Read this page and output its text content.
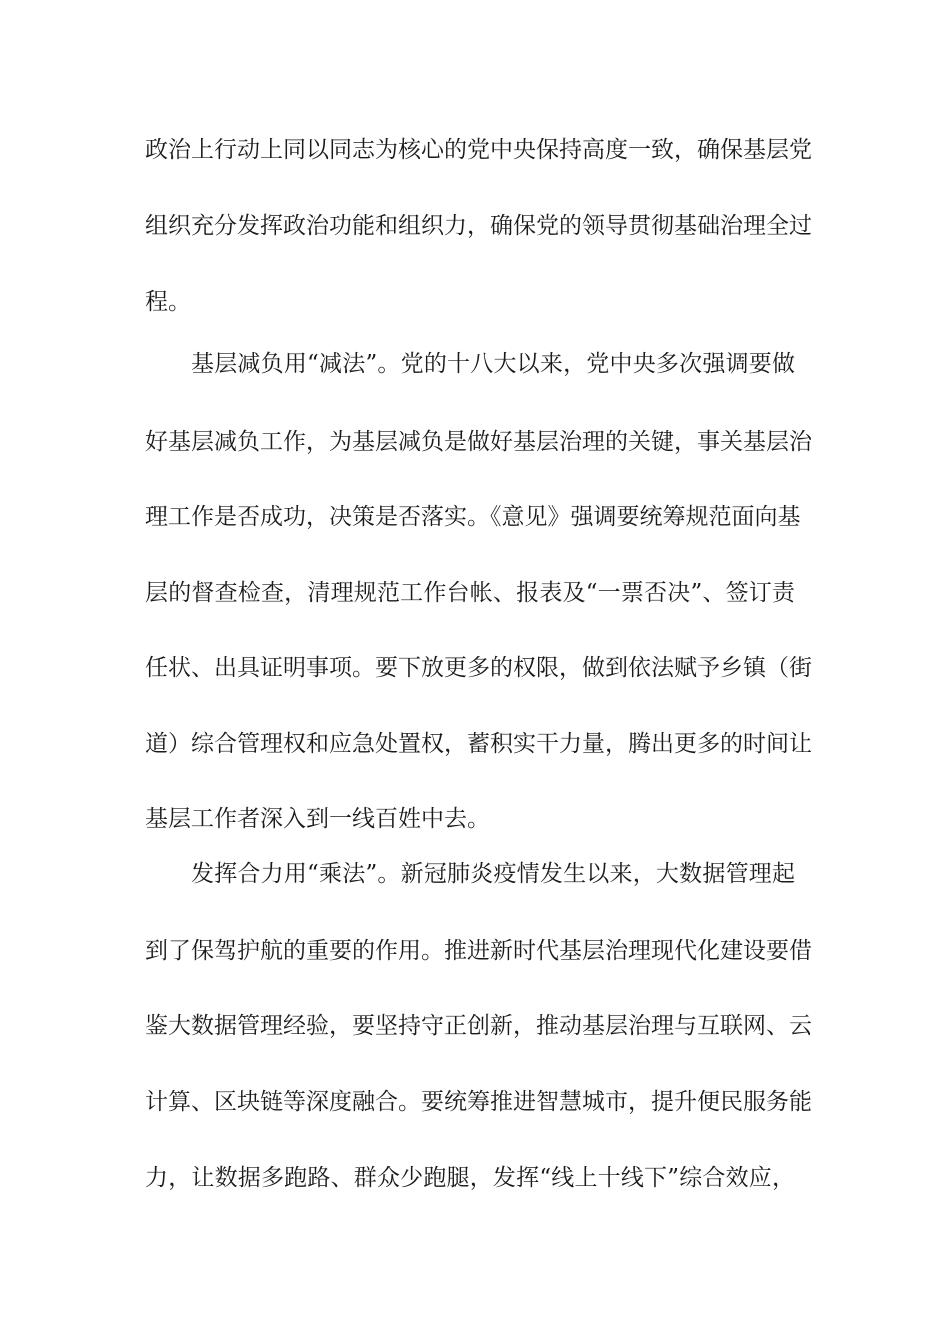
政治上行动上同以同志为核心的党中央保持高度一致，确保基层党
组织充分发挥政治功能和组织力，确保党的领导贯彻基础治理全过
程。
基层减负用“减法”。党的十八大以来，党中央多次强调要做
好基层减负工作，为基层减负是做好基层治理的关键，事关基层治
理工作是否成功，决策是否落实。《意见》强调要统筹规范面向基
层的督查检查，清理规范工作台帐、报表及“一票否决”、签订责
任状、出具证明事项。要下放更多的权限，做到依法赋予乡镇（街
道）综合管理权和应急处置权，蓄积实干力量，腾出更多的时间让
基层工作者深入到一线百姓中去。
发挥合力用“乘法”。新冠肺炎疫情发生以来，大数据管理起
到了保驾护航的重要的作用。推进新时代基层治理现代化建设要借
鉴大数据管理经验，要坚持守正创新，推动基层治理与互联网、云
计算、区块链等深度融合。要统筹推进智慧城市，提升便民服务能
力，让数据多跑路、群众少跑腿，发挥“线上十线下”综合效应，
